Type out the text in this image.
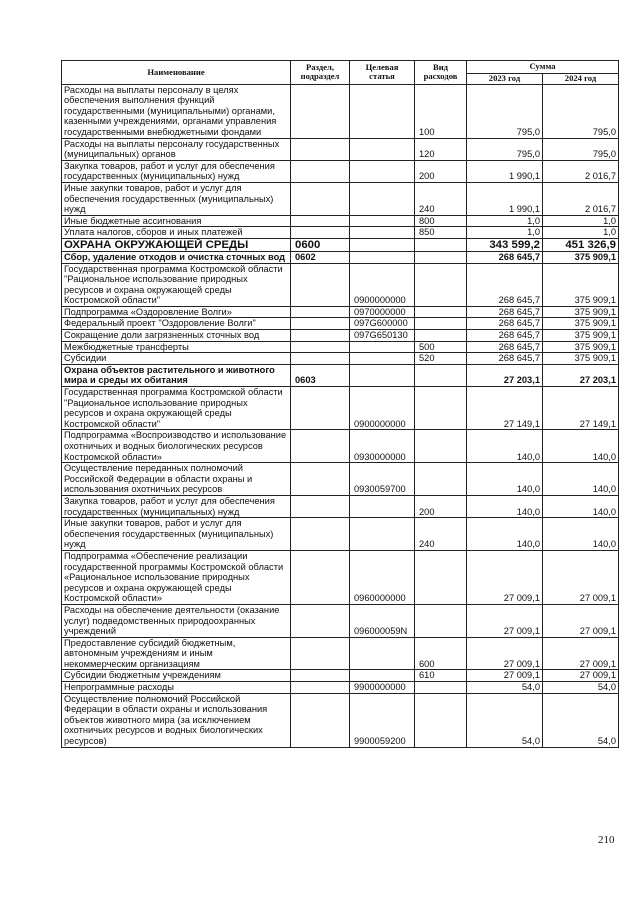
Наименование	Раздел, подраздел	Целевая статья	Вид расходов	Сумма	
				2023 год	2024 год
Расходы на выплаты персоналу в целях обеспечения выполнения функций государственными (муниципальными) органами, казенными учреждениями, органами управления государственными внебюджетными фондами			100	795,0	795,0
Расходы на выплаты персоналу государственных (муниципальных) органов			120	795,0	795,0
Закупка товаров, работ и услуг для обеспечения государственных (муниципальных) нужд			200	1 990,1	2 016,7
Иные закупки товаров, работ и услуг для обеспечения государственных (муниципальных) нужд			240	1 990,1	2 016,7
Иные бюджетные ассигнования			800	1,0	1,0
Уплата налогов, сборов и иных платежей			850	1,0	1,0
ОХРАНА ОКРУЖАЮЩЕЙ СРЕДЫ	0600			343 599,2	451 326,9
Сбор, удаление отходов и очистка сточных вод	0602			268 645,7	375 909,1
Государственная программа Костромской области "Рациональное использование природных ресурсов и охрана окружающей среды Костромской области"		0900000000		268 645,7	375 909,1
Подпрограмма «Оздоровление Волги»		0970000000		268 645,7	375 909,1
Федеральный проект "Оздоровление Волги"		097G600000		268 645,7	375 909,1
Сокращение доли загрязненных сточных вод		097G650130		268 645,7	375 909,1
Межбюджетные трансферты			500	268 645,7	375 909,1
Субсидии			520	268 645,7	375 909,1
Охрана объектов растительного и животного мира и среды их обитания	0603			27 203,1	27 203,1
Государственная программа Костромской области "Рациональное использование природных ресурсов и охрана окружающей среды Костромской области"		0900000000		27 149,1	27 149,1
Подпрограмма «Воспроизводство и использование охотничьих и водных биологических ресурсов Костромской области»		0930000000		140,0	140,0
Осуществление переданных полномочий Российской Федерации в области охраны и использования охотничьих ресурсов		0930059700		140,0	140,0
Закупка товаров, работ и услуг для обеспечения государственных (муниципальных) нужд			200	140,0	140,0
Иные закупки товаров, работ и услуг для обеспечения государственных (муниципальных) нужд			240	140,0	140,0
Подпрограмма «Обеспечение реализации государственной программы Костромской области «Рациональное использование природных ресурсов и охрана окружающей среды Костромской области»		0960000000		27 009,1	27 009,1
Расходы на обеспечение деятельности (оказание услуг) подведомственных природоохранных учреждений		096000059N		27 009,1	27 009,1
Предоставление субсидий бюджетным, автономным учреждениям и иным некоммерческим организациям			600	27 009,1	27 009,1
Субсидии бюджетным учреждениям			610	27 009,1	27 009,1
Непрограммные расходы		9900000000		54,0	54,0
Осуществление полномочий Российской Федерации в области охраны и использования объектов животного мира (за исключением охотничьих ресурсов и водных биологических ресурсов)		9900059200		54,0	54,0
210
